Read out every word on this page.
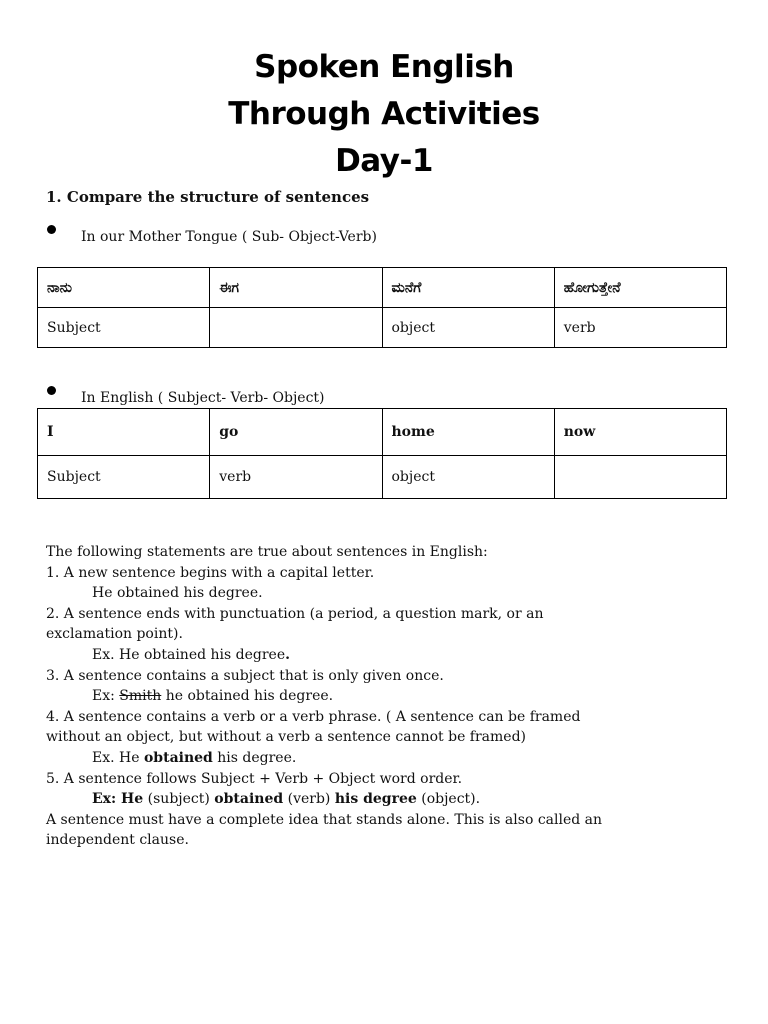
Spoken English
Through Activities
Day-1
1. Compare the structure of sentences
In our Mother Tongue ( Sub- Object-Verb)
ನಾನು	ಈಗ	ಮನೆಗೆ	ಹೋಗುತ್ತೇನೆ
Subject		object	verb
In English ( Subject- Verb- Object)
I	go	home	now
Subject	verb	object	
The following statements are true about sentences in English:
1. A new sentence begins with a capital letter.
He obtained his degree.
2. A sentence ends with punctuation (a period, a question mark, or an
exclamation point).
Ex. He obtained his degree.
3. A sentence contains a subject that is only given once.
Ex: Smith he obtained his degree.
4. A sentence contains a verb or a verb phrase. ( A sentence can be framed
without an object, but without a verb a sentence cannot be framed)
Ex. He obtained his degree.
5. A sentence follows Subject + Verb + Object word order.
Ex: He (subject) obtained (verb) his degree (object).
A sentence must have a complete idea that stands alone. This is also called an
independent clause.
